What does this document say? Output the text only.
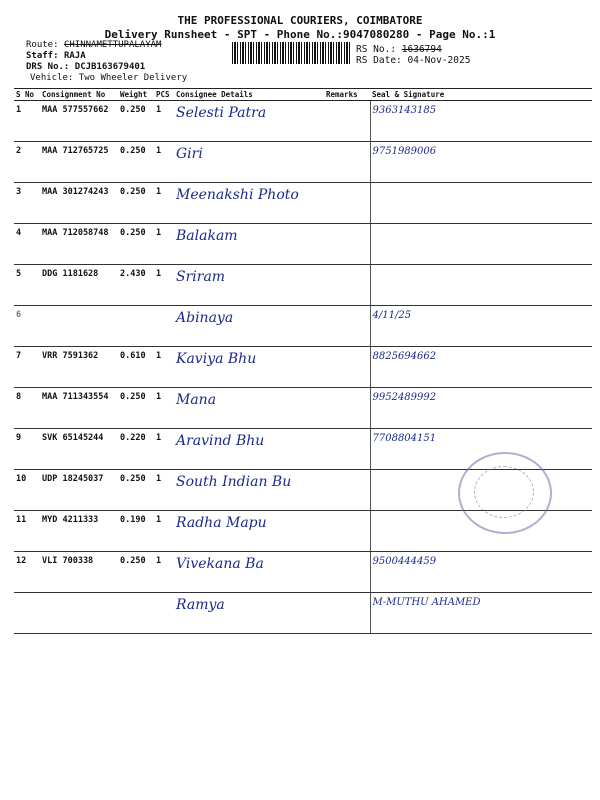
THE PROFESSIONAL COURIERS, COIMBATORE
Delivery Runsheet - SPT - Phone No.:9047080280 - Page No.:1
Route: CHINNAMETTUPALAYAM
Staff: RAJA
DRS No.: DCJB163679401
Vehicle: Two Wheeler Delivery
RS No.: 1636794
RS Date: 04-Nov-2025
S No	Consignment No	Weight	PCS	Consignee Details	Remarks	Seal & Signature
1	MAA 577557662	0.250	1	Selesti Patra		9363143185
2	MAA 712765725	0.250	1	Giri		9751989006
3	MAA 301274243	0.250	1	Meenakshi Photo		
4	MAA 712058748	0.250	1	Balakam		
5	DDG 1181628	2.430	1	Sriram		
6				Abinaya		4/11/25
7	VRR 7591362	0.610	1	Kaviya Bhu		8825694662
8	MAA 711343554	0.250	1	Mana		9952489992
9	SVK 65145244	0.220	1	Aravind Bhu		7708804151
10	UDP 18245037	0.250	1	South Indian Bu		
11	MYD 4211333	0.190	1	Radha Mapu		
12	VLI 700338	0.250	1	Vivekana Ba		9500444459
				Ramya		M-MUTHU AHAMED
